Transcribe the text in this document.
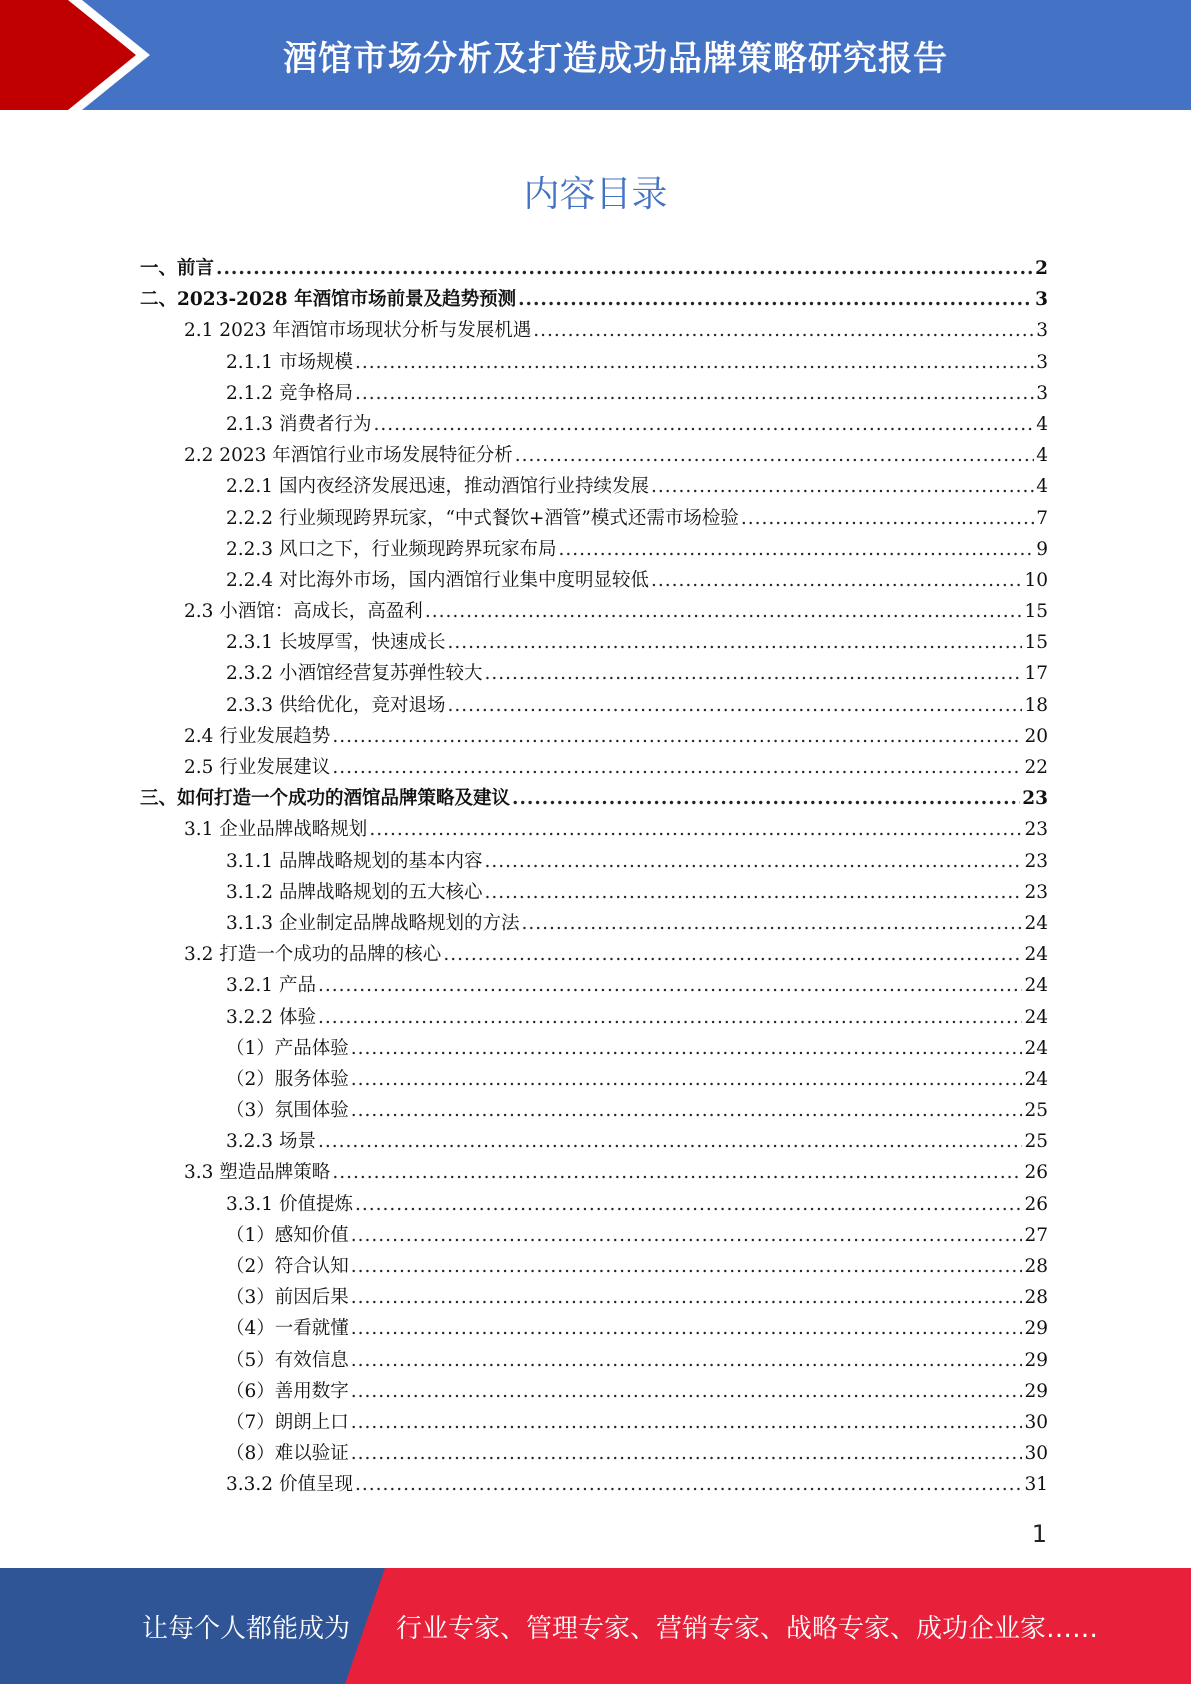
酒馆市场分析及打造成功品牌策略研究报告
内容目录
一、前言 .....	2
二、2023-2028 年酒馆市场前景及趋势预测 .....	3
2.1 2023 年酒馆市场现状分析与发展机遇 .....	3
2.1.1 市场规模 .....	3
2.1.2 竞争格局 .....	3
2.1.3 消费者行为 .....	4
2.2 2023 年酒馆行业市场发展特征分析 .....	4
2.2.1 国内夜经济发展迅速，推动酒馆行业持续发展 .....	4
2.2.2 行业频现跨界玩家，“中式餐饮+酒管”模式还需市场检验 .....	7
2.2.3 风口之下，行业频现跨界玩家布局 .....	9
2.2.4 对比海外市场，国内酒馆行业集中度明显较低 .....	10
2.3 小酒馆：高成长，高盈利 .....	15
2.3.1 长坡厚雪，快速成长 .....	15
2.3.2 小酒馆经营复苏弹性较大 .....	17
2.3.3 供给优化，竞对退场 .....	18
2.4 行业发展趋势 .....	20
2.5 行业发展建议 .....	22
三、如何打造一个成功的酒馆品牌策略及建议 .....	23
3.1 企业品牌战略规划 .....	23
3.1.1 品牌战略规划的基本内容 .....	23
3.1.2 品牌战略规划的五大核心 .....	23
3.1.3 企业制定品牌战略规划的方法 .....	24
3.2 打造一个成功的品牌的核心 .....	24
3.2.1 产品 .....	24
3.2.2 体验 .....	24
（1）产品体验 .....	24
（2）服务体验 .....	24
（3）氛围体验 .....	25
3.2.3 场景 .....	25
3.3 塑造品牌策略 .....	26
3.3.1 价值提炼 .....	26
（1）感知价值 .....	27
（2）符合认知 .....	28
（3）前因后果 .....	28
（4）一看就懂 .....	29
（5）有效信息 .....	29
（6）善用数字 .....	29
（7）朗朗上口 .....	30
（8）难以验证 .....	30
3.3.2 价值呈现 .....	31
1
让每个人都能成为 行业专家、管理专家、营销专家、战略专家、成功企业家……
